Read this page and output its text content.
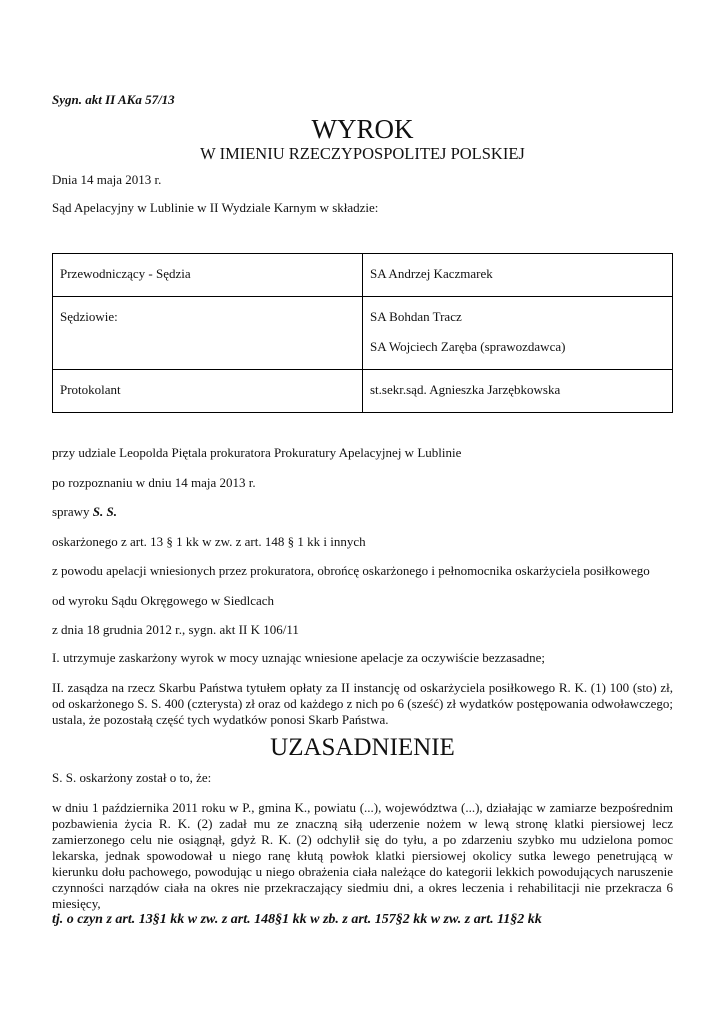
Sygn. akt II AKa 57/13
WYROK
W IMIENIU RZECZYPOSPOLITEJ POLSKIEJ
Dnia 14 maja 2013 r.
Sąd Apelacyjny w Lublinie w II Wydziale Karnym w składzie:
Przewodniczący - Sędzia	SA Andrzej Kaczmarek

Sędziowie:	SA Bohdan Tracz
SA Wojciech Zaręba (sprawozdawca)

Protokolant	st.sekr.sąd. Agnieszka Jarzębkowska
przy udziale Leopolda Piętala prokuratora Prokuratury Apelacyjnej w Lublinie
po rozpoznaniu w dniu 14 maja 2013 r.
sprawy S. S.
oskarżonego z art. 13 § 1 kk w zw. z art. 148 § 1 kk i innych
z powodu apelacji wniesionych przez prokuratora, obrońcę oskarżonego i pełnomocnika oskarżyciela posiłkowego
od wyroku Sądu Okręgowego w Siedlcach
z dnia 18 grudnia 2012 r., sygn. akt II K 106/11
I. utrzymuje zaskarżony wyrok w mocy uznając wniesione apelacje za oczywiście bezzasadne;
II. zasądza na rzecz Skarbu Państwa tytułem opłaty za II instancję od oskarżyciela posiłkowego R. K. (1) 100 (sto) zł, od oskarżonego S. S. 400 (czterysta) zł oraz od każdego z nich po 6 (sześć) zł wydatków postępowania odwoławczego; ustala, że pozostałą część tych wydatków ponosi Skarb Państwa.
UZASADNIENIE
S. S. oskarżony został o to, że:
w dniu 1 października 2011 roku w P., gmina K., powiatu (...), województwa (...), działając w zamiarze bezpośrednim pozbawienia życia R. K. (2) zadał mu ze znaczną siłą uderzenie nożem w lewą stronę klatki piersiowej lecz zamierzonego celu nie osiągnął, gdyż R. K. (2) odchylił się do tyłu, a po zdarzeniu szybko mu udzielona pomoc lekarska, jednak spowodował u niego ranę kłutą powłok klatki piersiowej okolicy sutka lewego penetrującą w kierunku dołu pachowego, powodując u niego obrażenia ciała należące do kategorii lekkich powodujących naruszenie czynności narządów ciała na okres nie przekraczający siedmiu dni, a okres leczenia i rehabilitacji nie przekracza 6 miesięcy,
tj. o czyn z art. 13§1 kk w zw. z art. 148§1 kk w zb. z art. 157§2 kk w zw. z art. 11§2 kk
